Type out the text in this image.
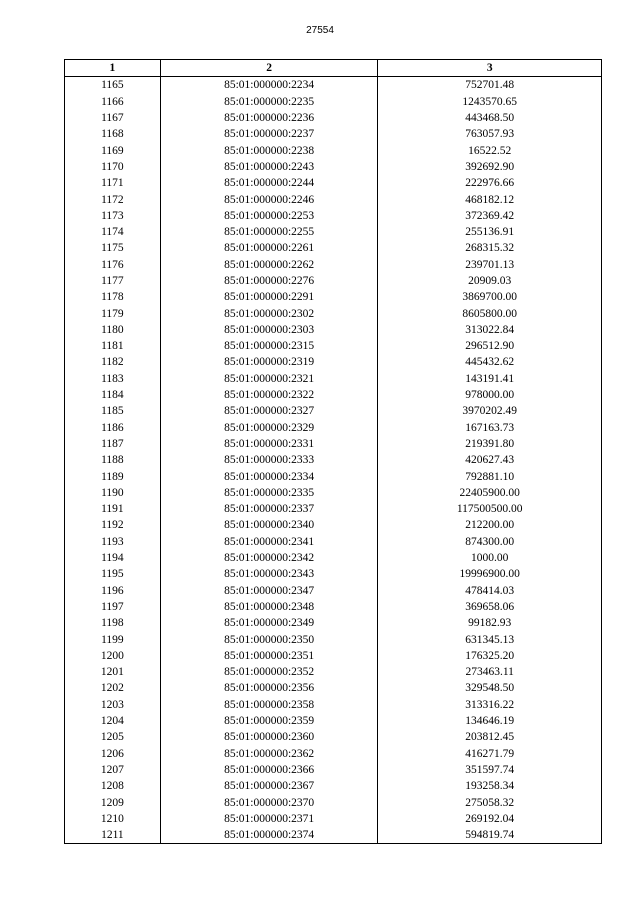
27554
1	2	3
1165	85:01:000000:2234	752701.48
1166	85:01:000000:2235	1243570.65
1167	85:01:000000:2236	443468.50
1168	85:01:000000:2237	763057.93
1169	85:01:000000:2238	16522.52
1170	85:01:000000:2243	392692.90
1171	85:01:000000:2244	222976.66
1172	85:01:000000:2246	468182.12
1173	85:01:000000:2253	372369.42
1174	85:01:000000:2255	255136.91
1175	85:01:000000:2261	268315.32
1176	85:01:000000:2262	239701.13
1177	85:01:000000:2276	20909.03
1178	85:01:000000:2291	3869700.00
1179	85:01:000000:2302	8605800.00
1180	85:01:000000:2303	313022.84
1181	85:01:000000:2315	296512.90
1182	85:01:000000:2319	445432.62
1183	85:01:000000:2321	143191.41
1184	85:01:000000:2322	978000.00
1185	85:01:000000:2327	3970202.49
1186	85:01:000000:2329	167163.73
1187	85:01:000000:2331	219391.80
1188	85:01:000000:2333	420627.43
1189	85:01:000000:2334	792881.10
1190	85:01:000000:2335	22405900.00
1191	85:01:000000:2337	117500500.00
1192	85:01:000000:2340	212200.00
1193	85:01:000000:2341	874300.00
1194	85:01:000000:2342	1000.00
1195	85:01:000000:2343	19996900.00
1196	85:01:000000:2347	478414.03
1197	85:01:000000:2348	369658.06
1198	85:01:000000:2349	99182.93
1199	85:01:000000:2350	631345.13
1200	85:01:000000:2351	176325.20
1201	85:01:000000:2352	273463.11
1202	85:01:000000:2356	329548.50
1203	85:01:000000:2358	313316.22
1204	85:01:000000:2359	134646.19
1205	85:01:000000:2360	203812.45
1206	85:01:000000:2362	416271.79
1207	85:01:000000:2366	351597.74
1208	85:01:000000:2367	193258.34
1209	85:01:000000:2370	275058.32
1210	85:01:000000:2371	269192.04
1211	85:01:000000:2374	594819.74
